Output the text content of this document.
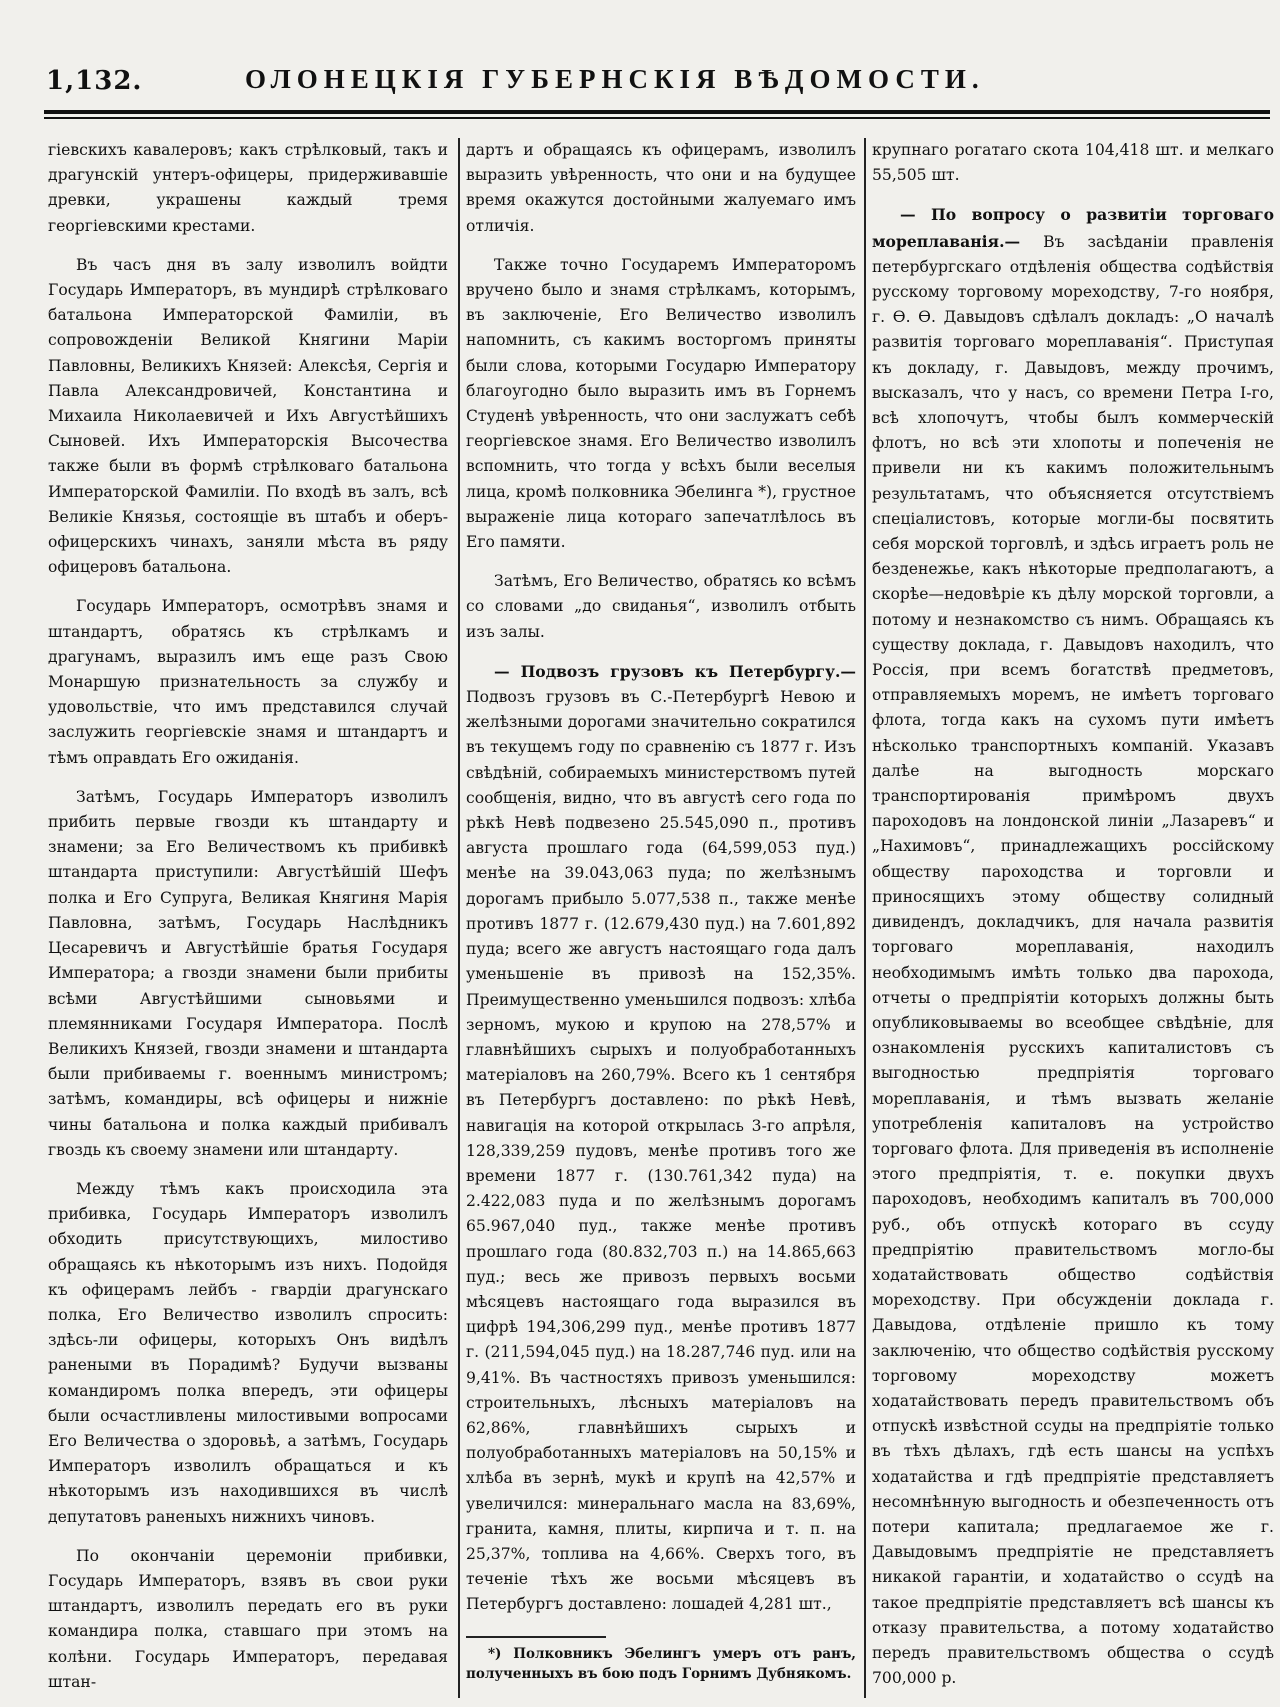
1,132.	ОЛОНЕЦКІЯ ГУБЕРНСКІЯ ВѢДОМОСТИ.

гіевскихъ кавалеровъ; какъ стрѣлковый, такъ и драгунскій унтеръ-офицеры, придерживавшіе древки, украшены каждый тремя георгіевскими крестами.

Въ часъ дня въ залу изволилъ войдти Государь Императоръ, въ мундирѣ стрѣлковаго батальона Императорской Фамиліи, въ сопровожденіи Великой Княгини Маріи Павловны, Великихъ Князей: Алексѣя, Сергія и Павла Александровичей, Константина и Михаила Николаевичей и Ихъ Августѣйшихъ Сыновей. Ихъ Императорскія Высочества также были въ формѣ стрѣлковаго батальона Императорской Фамиліи. По входѣ въ залъ, всѣ Великіе Князья, состоящіе въ штабъ и оберъ-офицерскихъ чинахъ, заняли мѣста въ ряду офицеровъ батальона.

Государь Императоръ, осмотрѣвъ знамя и штандартъ, обратясь къ стрѣлкамъ и драгунамъ, выразилъ имъ еще разъ Свою Монаршую признательность за службу и удовольствіе, что имъ представился случай заслужить георгіевскіе знамя и штандартъ и тѣмъ оправдать Его ожиданія.

Затѣмъ, Государь Императоръ изволилъ прибить первые гвозди къ штандарту и знамени; за Его Величествомъ къ прибивкѣ штандарта приступили: Августѣйшій Шефъ полка и Его Супруга, Великая Княгиня Марія Павловна, затѣмъ, Государь Наслѣдникъ Цесаревичъ и Августѣйшіе братья Государя Императора; а гвозди знамени были прибиты всѣми Августѣйшими сыновьями и племянниками Государя Императора. Послѣ Великихъ Князей, гвозди знамени и штандарта были прибиваемы г. военнымъ министромъ; затѣмъ, командиры, всѣ офицеры и нижніе чины батальона и полка каждый прибивалъ гвоздь къ своему знамени или штандарту.

Между тѣмъ какъ происходила эта прибивка, Государь Императоръ изволилъ обходить присутствующихъ, милостиво обращаясь къ нѣкоторымъ изъ нихъ. Подойдя къ офицерамъ лейбъ - гвардіи драгунскаго полка, Его Величество изволилъ спросить: здѣсь-ли офицеры, которыхъ Онъ видѣлъ ранеными въ Порадимѣ? Будучи вызваны командиромъ полка впередъ, эти офицеры были осчастливлены милостивыми вопросами Его Величества о здоровьѣ, а затѣмъ, Государь Императоръ изволилъ обращаться и къ нѣкоторымъ изъ находившихся въ числѣ депутатовъ раненыхъ нижнихъ чиновъ.

По окончаніи церемоніи прибивки, Государь Императоръ, взявъ въ свои руки штандартъ, изволилъ передать его въ руки командира полка, ставшаго при этомъ на колѣни. Государь Императоръ, передавая штан-

дартъ и обращаясь къ офицерамъ, изволилъ выразить увѣренность, что они и на будущее время окажутся достойными жалуемаго имъ отличія.

Также точно Государемъ Императоромъ вручено было и знамя стрѣлкамъ, которымъ, въ заключеніе, Его Величество изволилъ напомнить, съ какимъ восторгомъ приняты были слова, которыми Государю Императору благоугодно было выразить имъ въ Горнемъ Студенѣ увѣренность, что они заслужатъ себѣ георгіевское знамя. Его Величество изволилъ вспомнить, что тогда у всѣхъ были веселыя лица, кромѣ полковника Эбелинга *), грустное выраженіе лица котораго запечатлѣлось въ Его памяти.

Затѣмъ, Его Величество, обратясь ко всѣмъ со словами „до свиданья“, изволилъ отбыть изъ залы.

— Подвозъ грузовъ къ Петербургу.— Подвозъ грузовъ въ С.-Петербургѣ Невою и желѣзными дорогами значительно сократился въ текущемъ году по сравненію съ 1877 г. Изъ свѣдѣній, собираемыхъ министерствомъ путей сообщенія, видно, что въ августѣ сего года по рѣкѣ Невѣ подвезено 25.545,090 п., противъ августа прошлаго года (64,599,053 пуд.) менѣе на 39.043,063 пуда; по желѣзнымъ дорогамъ прибыло 5.077,538 п., также менѣе противъ 1877 г. (12.679,430 пуд.) на 7.601,892 пуда; всего же августъ настоящаго года далъ уменьшеніе въ привозѣ на 152,35%. Преимущественно уменьшился подвозъ: хлѣба зерномъ, мукою и крупою на 278,57% и главнѣйшихъ сырыхъ и полуобработанныхъ матеріаловъ на 260,79%. Всего къ 1 сентября въ Петербургъ доставлено: по рѣкѣ Невѣ, навигація на которой открылась 3-го апрѣля, 128,339,259 пудовъ, менѣе противъ того же времени 1877 г. (130.761,342 пуда) на 2.422,083 пуда и по желѣзнымъ дорогамъ 65.967,040 пуд., также менѣе противъ прошлаго года (80.832,703 п.) на 14.865,663 пуд.; весь же привозъ первыхъ восьми мѣсяцевъ настоящаго года выразился въ цифрѣ 194,306,299 пуд., менѣе противъ 1877 г. (211,594,045 пуд.) на 18.287,746 пуд. или на 9,41%. Въ частностяхъ привозъ уменьшился: строительныхъ, лѣсныхъ матеріаловъ на 62,86%, главнѣйшихъ сырыхъ и полуобработанныхъ матеріаловъ на 50,15% и хлѣба въ зернѣ, мукѣ и крупѣ на 42,57% и увеличился: минеральнаго масла на 83,69%, гранита, камня, плиты, кирпича и т. п. на 25,37%, топлива на 4,66%. Сверхъ того, въ теченіе тѣхъ же восьми мѣсяцевъ въ Петербургъ доставлено: лошадей 4,281 шт.,

*) Полковникъ Эбелингъ умеръ отъ ранъ, полученныхъ въ бою подъ Горнимъ Дубнякомъ.

крупнаго рогатаго скота 104,418 шт. и мелкаго 55,505 шт.

— По вопросу о развитіи торговаго мореплаванія.— Въ засѣданіи правленія петербургскаго отдѣленія общества содѣйствія русскому торговому мореходству, 7-го ноября, г. Ѳ. Ѳ. Давыдовъ сдѣлалъ докладъ: „О началѣ развитія торговаго мореплаванія“. Приступая къ докладу, г. Давыдовъ, между прочимъ, высказалъ, что у насъ, со времени Петра I-го, всѣ хлопочутъ, чтобы былъ коммерческій флотъ, но всѣ эти хлопоты и попеченія не привели ни къ какимъ положительнымъ результатамъ, что объясняется отсутствіемъ спеціалистовъ, которые могли-бы посвятить себя морской торговлѣ, и здѣсь играетъ роль не безденежье, какъ нѣкоторые предполагаютъ, а скорѣе—недовѣріе къ дѣлу морской торговли, а потому и незнакомство съ нимъ. Обращаясь къ существу доклада, г. Давыдовъ находилъ, что Россія, при всемъ богатствѣ предметовъ, отправляемыхъ моремъ, не имѣетъ торговаго флота, тогда какъ на сухомъ пути имѣетъ нѣсколько транспортныхъ компаній. Указавъ далѣе на выгодность морскаго транспортированія примѣромъ двухъ пароходовъ на лондонской линіи „Лазаревъ“ и „Нахимовъ“, принадлежащихъ россійскому обществу пароходства и торговли и приносящихъ этому обществу солидный дивидендъ, докладчикъ, для начала развитія торговаго мореплаванія, находилъ необходимымъ имѣть только два парохода, отчеты о предпріятіи которыхъ должны быть опубликовываемы во всеобщее свѣдѣніе, для ознакомленія русскихъ капиталистовъ съ выгодностью предпріятія торговаго мореплаванія, и тѣмъ вызвать желаніе употребленія капиталовъ на устройство торговаго флота. Для приведенія въ исполненіе этого предпріятія, т. е. покупки двухъ пароходовъ, необходимъ капиталъ въ 700,000 руб., объ отпускѣ котораго въ ссуду предпріятію правительствомъ могло-бы ходатайствовать общество содѣйствія мореходству. При обсужденіи доклада г. Давыдова, отдѣленіе пришло къ тому заключенію, что общество содѣйствія русскому торговому мореходству можетъ ходатайствовать передъ правительствомъ объ отпускѣ извѣстной ссуды на предпріятіе только въ тѣхъ дѣлахъ, гдѣ есть шансы на успѣхъ ходатайства и гдѣ предпріятіе представляетъ несомнѣнную выгодность и обезпеченность отъ потери капитала; предлагаемое же г. Давыдовымъ предпріятіе не представляетъ никакой гарантіи, и ходатайство о ссудѣ на такое предпріятіе представляетъ всѣ шансы къ отказу правительства, а потому ходатайство передъ правительствомъ общества о ссудѣ 700,000 р.
